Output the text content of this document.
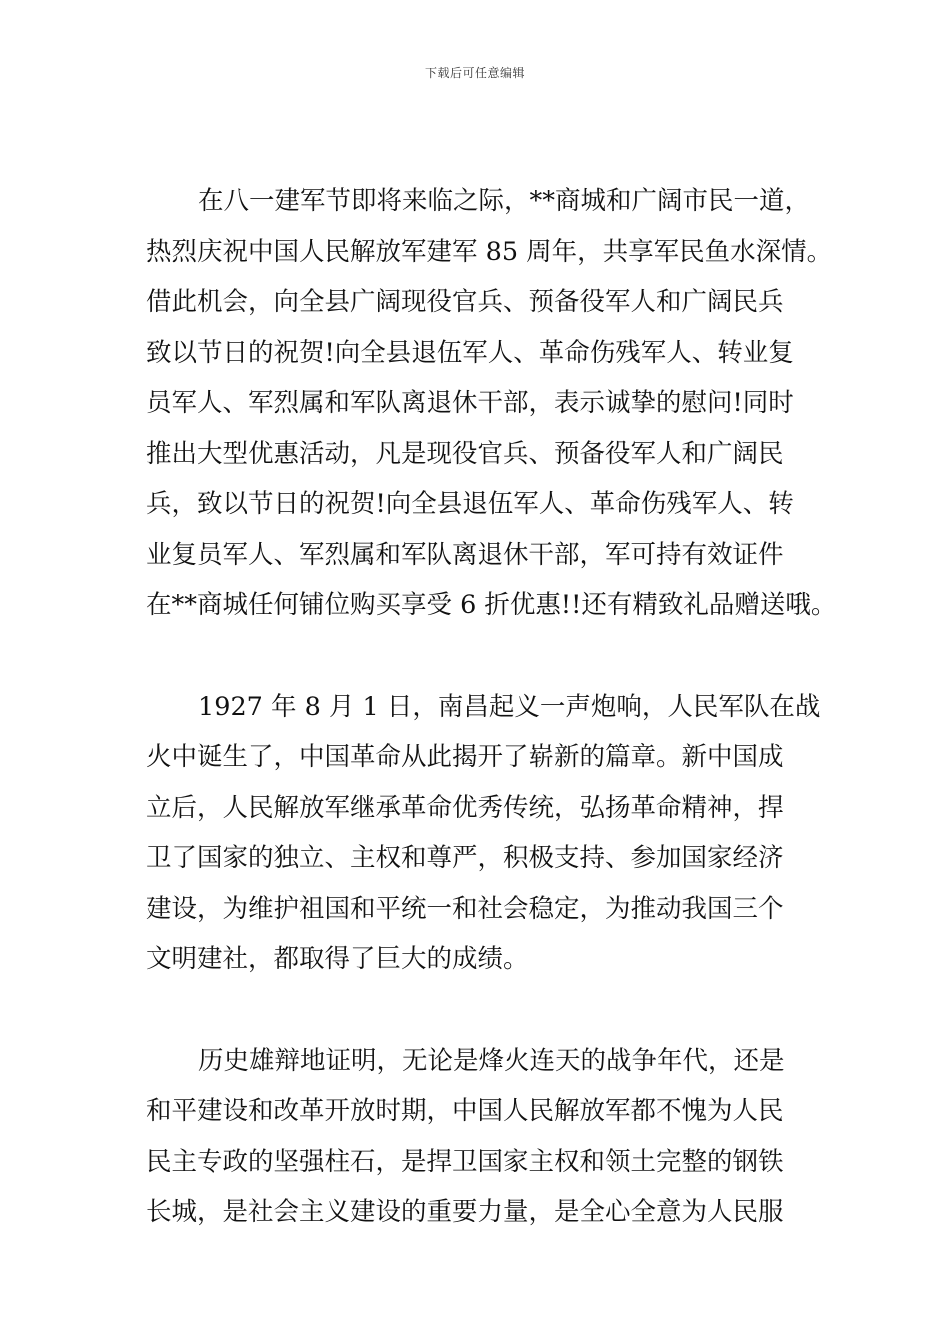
下载后可任意编辑
在八一建军节即将来临之际，**商城和广阔市民一道，
热烈庆祝中国人民解放军建军 85 周年，共享军民鱼水深情。
借此机会，向全县广阔现役官兵、预备役军人和广阔民兵
致以节日的祝贺!向全县退伍军人、革命伤残军人、转业复
员军人、军烈属和军队离退休干部，表示诚挚的慰问!同时
推出大型优惠活动，凡是现役官兵、预备役军人和广阔民
兵，致以节日的祝贺!向全县退伍军人、革命伤残军人、转
业复员军人、军烈属和军队离退休干部，军可持有效证件
在**商城任何铺位购买享受 6 折优惠!!还有精致礼品赠送哦。
1927 年 8 月 1 日，南昌起义一声炮响，人民军队在战
火中诞生了，中国革命从此揭开了崭新的篇章。新中国成
立后，人民解放军继承革命优秀传统，弘扬革命精神，捍
卫了国家的独立、主权和尊严，积极支持、参加国家经济
建设，为维护祖国和平统一和社会稳定，为推动我国三个
文明建社，都取得了巨大的成绩。
历史雄辩地证明，无论是烽火连天的战争年代，还是
和平建设和改革开放时期，中国人民解放军都不愧为人民
民主专政的坚强柱石，是捍卫国家主权和领土完整的钢铁
长城，是社会主义建设的重要力量，是全心全意为人民服
